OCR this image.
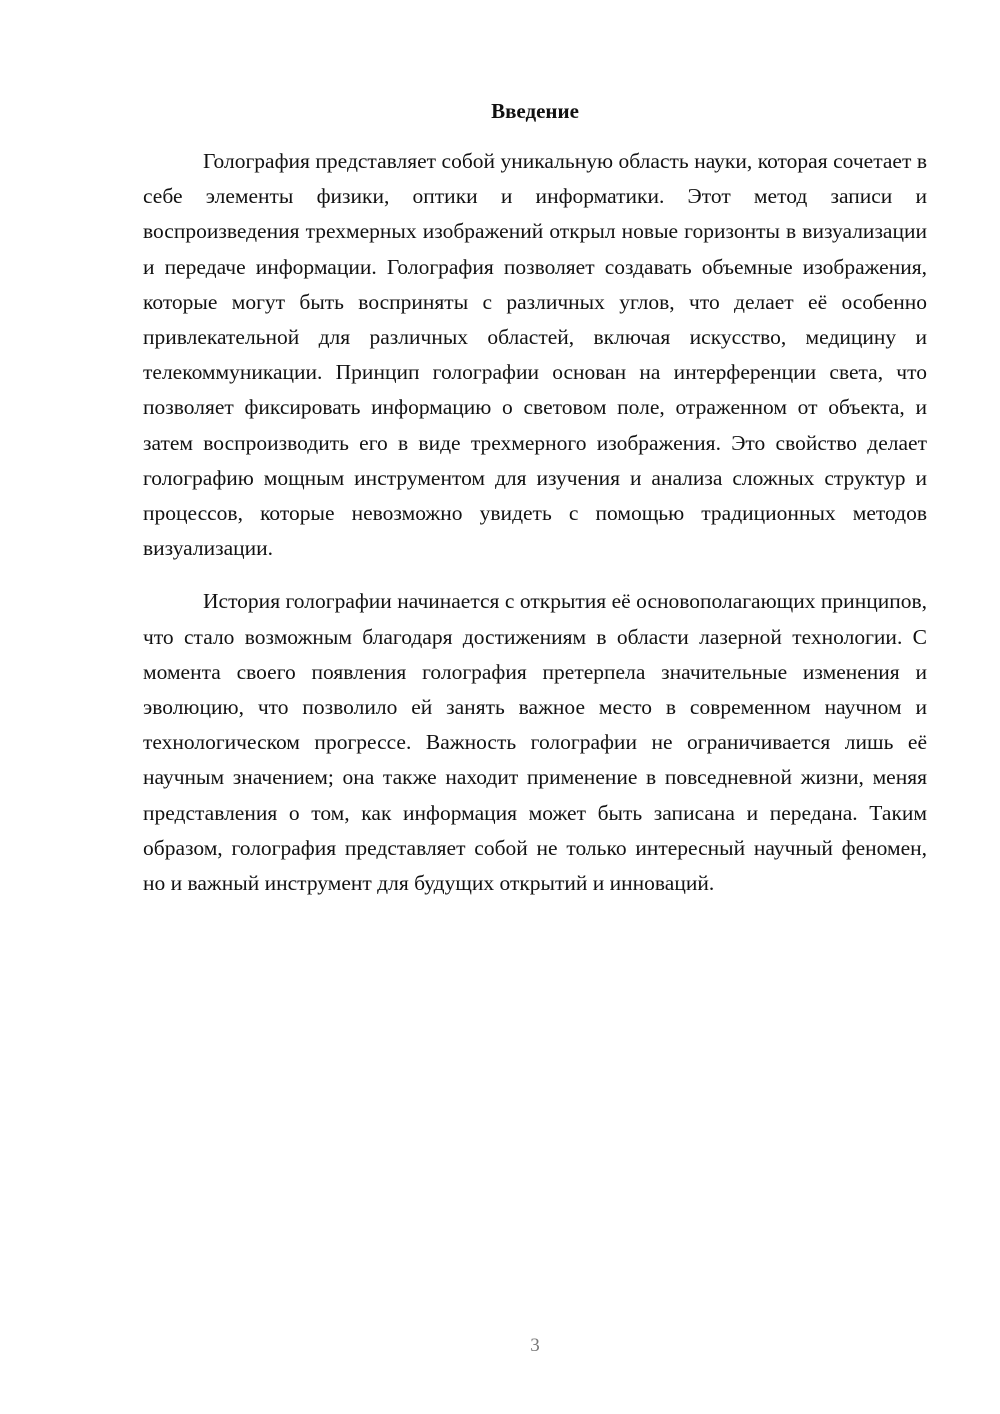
Введение

Голография представляет собой уникальную область науки, которая сочетает в себе элементы физики, оптики и информатики. Этот метод записи и воспроизведения трехмерных изображений открыл новые горизонты в визуализации и передаче информации. Голография позволяет создавать объемные изображения, которые могут быть восприняты с различных углов, что делает её особенно привлекательной для различных областей, включая искусство, медицину и телекоммуникации. Принцип голографии основан на интерференции света, что позволяет фиксировать информацию о световом поле, отраженном от объекта, и затем воспроизводить его в виде трехмерного изображения. Это свойство делает голографию мощным инструментом для изучения и анализа сложных структур и процессов, которые невозможно увидеть с помощью традиционных методов визуализации.

История голографии начинается с открытия её основополагающих принципов, что стало возможным благодаря достижениям в области лазерной технологии. С момента своего появления голография претерпела значительные изменения и эволюцию, что позволило ей занять важное место в современном научном и технологическом прогрессе. Важность голографии не ограничивается лишь её научным значением; она также находит применение в повседневной жизни, меняя представления о том, как информация может быть записана и передана. Таким образом, голография представляет собой не только интересный научный феномен, но и важный инструмент для будущих открытий и инноваций.

3
